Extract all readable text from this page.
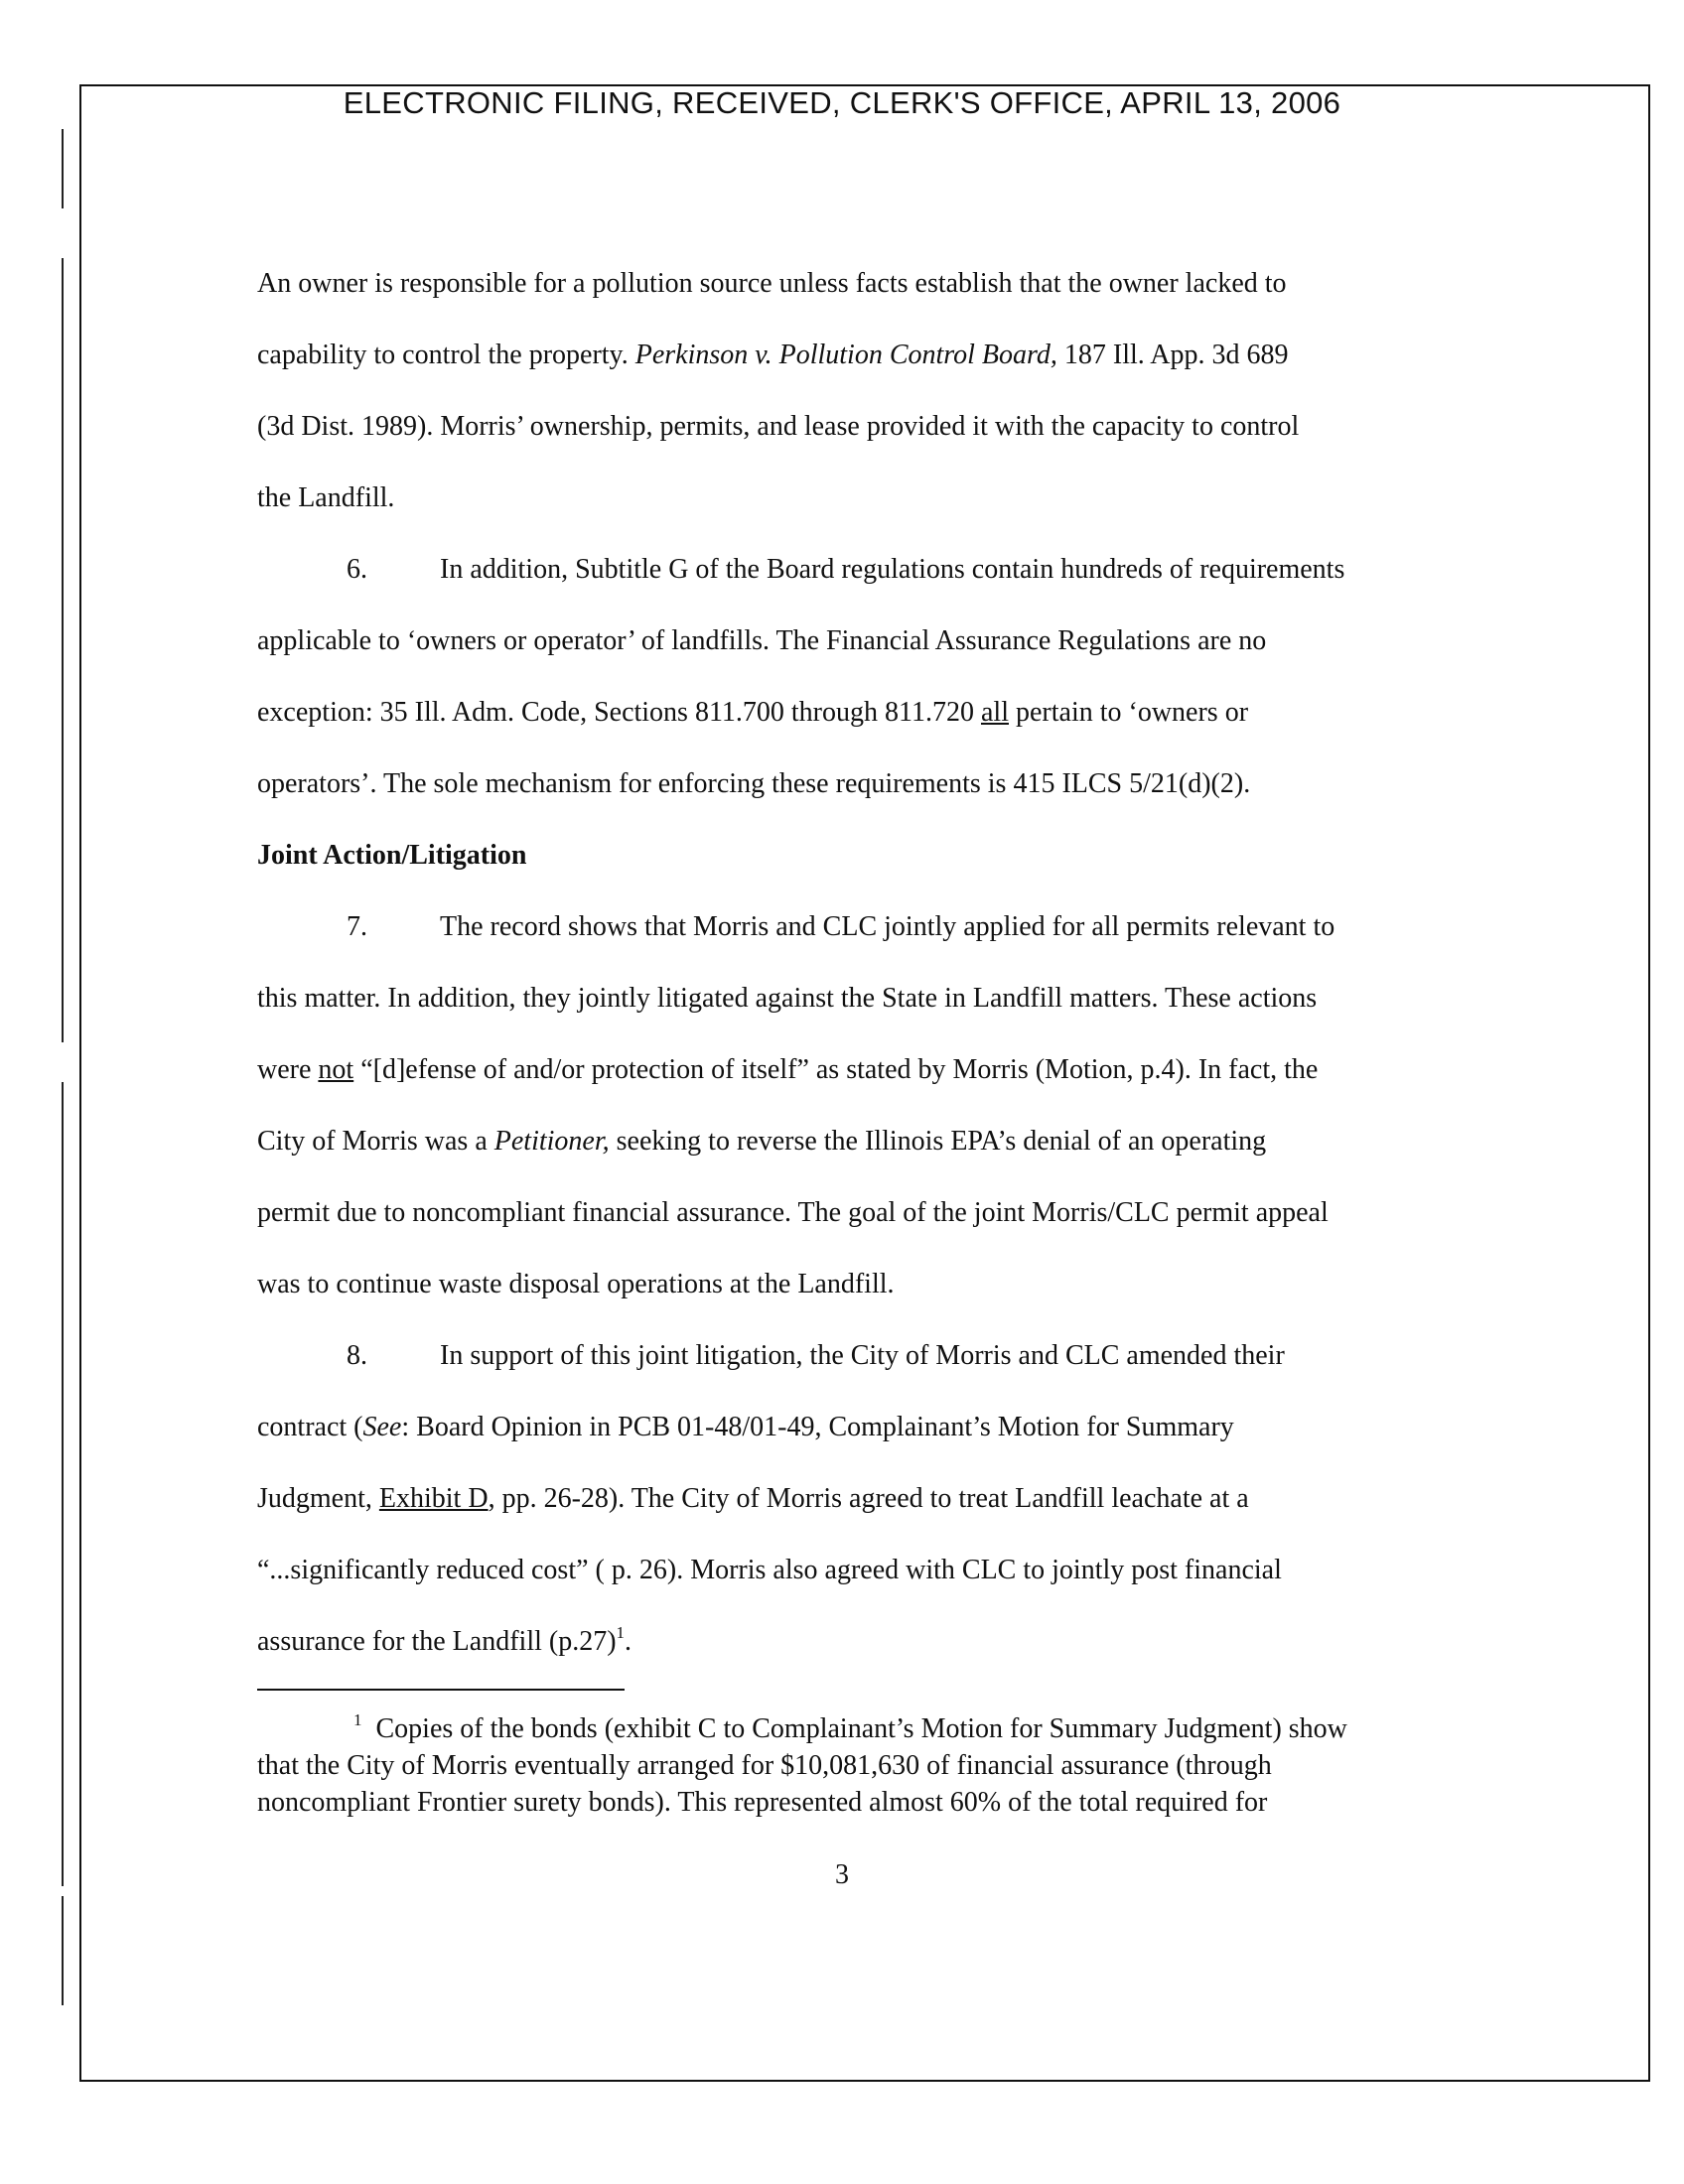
ELECTRONIC FILING, RECEIVED, CLERK'S OFFICE, APRIL 13, 2006
An owner is responsible for a pollution source unless facts establish that the owner lacked to
capability to control the property. Perkinson v. Pollution Control Board, 187 Ill. App. 3d 689
(3d Dist. 1989). Morris’ ownership, permits, and lease provided it with the capacity to control
the Landfill.
6.	In addition, Subtitle G of the Board regulations contain hundreds of requirements
applicable to ‘owners or operator’ of landfills. The Financial Assurance Regulations are no
exception: 35 Ill. Adm. Code, Sections 811.700 through 811.720 all pertain to ‘owners or
operators’. The sole mechanism for enforcing these requirements is 415 ILCS 5/21(d)(2).
Joint Action/Litigation
7.	The record shows that Morris and CLC jointly applied for all permits relevant to
this matter. In addition, they jointly litigated against the State in Landfill matters. These actions
were not “[d]efense of and/or protection of itself” as stated by Morris (Motion, p.4). In fact, the
City of Morris was a Petitioner, seeking to reverse the Illinois EPA’s denial of an operating
permit due to noncompliant financial assurance. The goal of the joint Morris/CLC permit appeal
was to continue waste disposal operations at the Landfill.
8.	In support of this joint litigation, the City of Morris and CLC amended their
contract (See: Board Opinion in PCB 01-48/01-49, Complainant’s Motion for Summary
Judgment, Exhibit D, pp. 26-28). The City of Morris agreed to treat Landfill leachate at a
“...significantly reduced cost” ( p. 26). Morris also agreed with CLC to jointly post financial
assurance for the Landfill $(p.27)^1$.
$^1$ Copies of the bonds (exhibit C to Complainant’s Motion for Summary Judgment) show
that the City of Morris eventually arranged for $10,081,630 of financial assurance (through
noncompliant Frontier surety bonds). This represented almost 60% of the total required for
3
